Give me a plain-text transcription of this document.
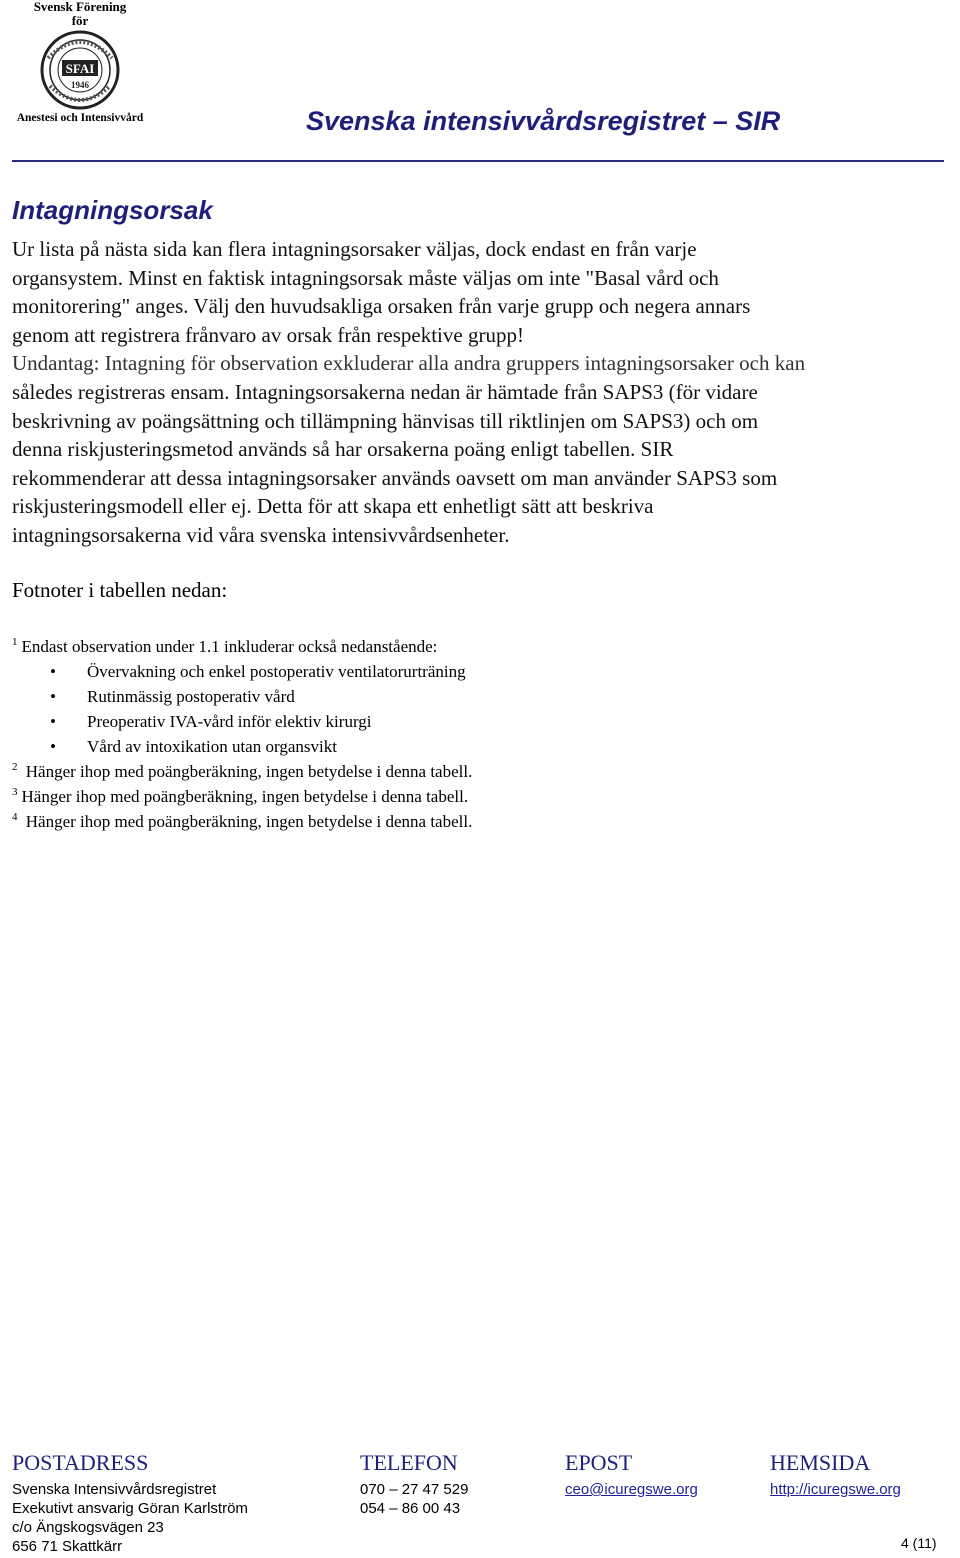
Svensk Förening
för
SFAI
1946
Anestesi och Intensivvård	Svenska intensivvårdsregistret – SIR
Intagningsorsak

Ur lista på nästa sida kan flera intagningsorsaker väljas, dock endast en från varje

organsystem. Minst en faktisk intagningsorsak måste väljas om inte "Basal vård och

monitorering" anges. Välj den huvudsakliga orsaken från varje grupp och negera annars

genom att registrera frånvaro av orsak från respektive grupp!

Undantag: Intagning för observation exkluderar alla andra gruppers intagningsorsaker och kan

således registreras ensam. Intagningsorsakerna nedan är hämtade från SAPS3 (för vidare

beskrivning av poängsättning och tillämpning hänvisas till riktlinjen om SAPS3) och om

denna riskjusteringsmetod används så har orsakerna poäng enligt tabellen. SIR

rekommenderar att dessa intagningsorsaker används oavsett om man använder SAPS3 som

riskjusteringsmodell eller ej. Detta för att skapa ett enhetligt sätt att beskriva

intagningsorsakerna vid våra svenska intensivvårdsenheter.

Fotnoter i tabellen nedan:
$^1$ Endast observation under 1.1 inkluderar också nedanstående:
• Övervakning och enkel postoperativ ventilatorurträning
• Rutinmässig postoperativ vård
• Preoperativ IVA-vård inför elektiv kirurgi
• Vård av intoxikation utan organsvikt
$^2$ Hänger ihop med poängberäkning, ingen betydelse i denna tabell.
$^3$ Hänger ihop med poängberäkning, ingen betydelse i denna tabell.
$^4$ Hänger ihop med poängberäkning, ingen betydelse i denna tabell.
POSTADRESS
Svenska Intensivvårdsregistret
Exekutivt ansvarig Göran Karlström
c/o Ängskogsvägen 23
656 71 Skattkärr
TELEFON
070 – 27 47 529
054 – 86 00 43
EPOST
ceo@icuregswe.org
HEMSIDA
http://icuregswe.org
4 (11)
